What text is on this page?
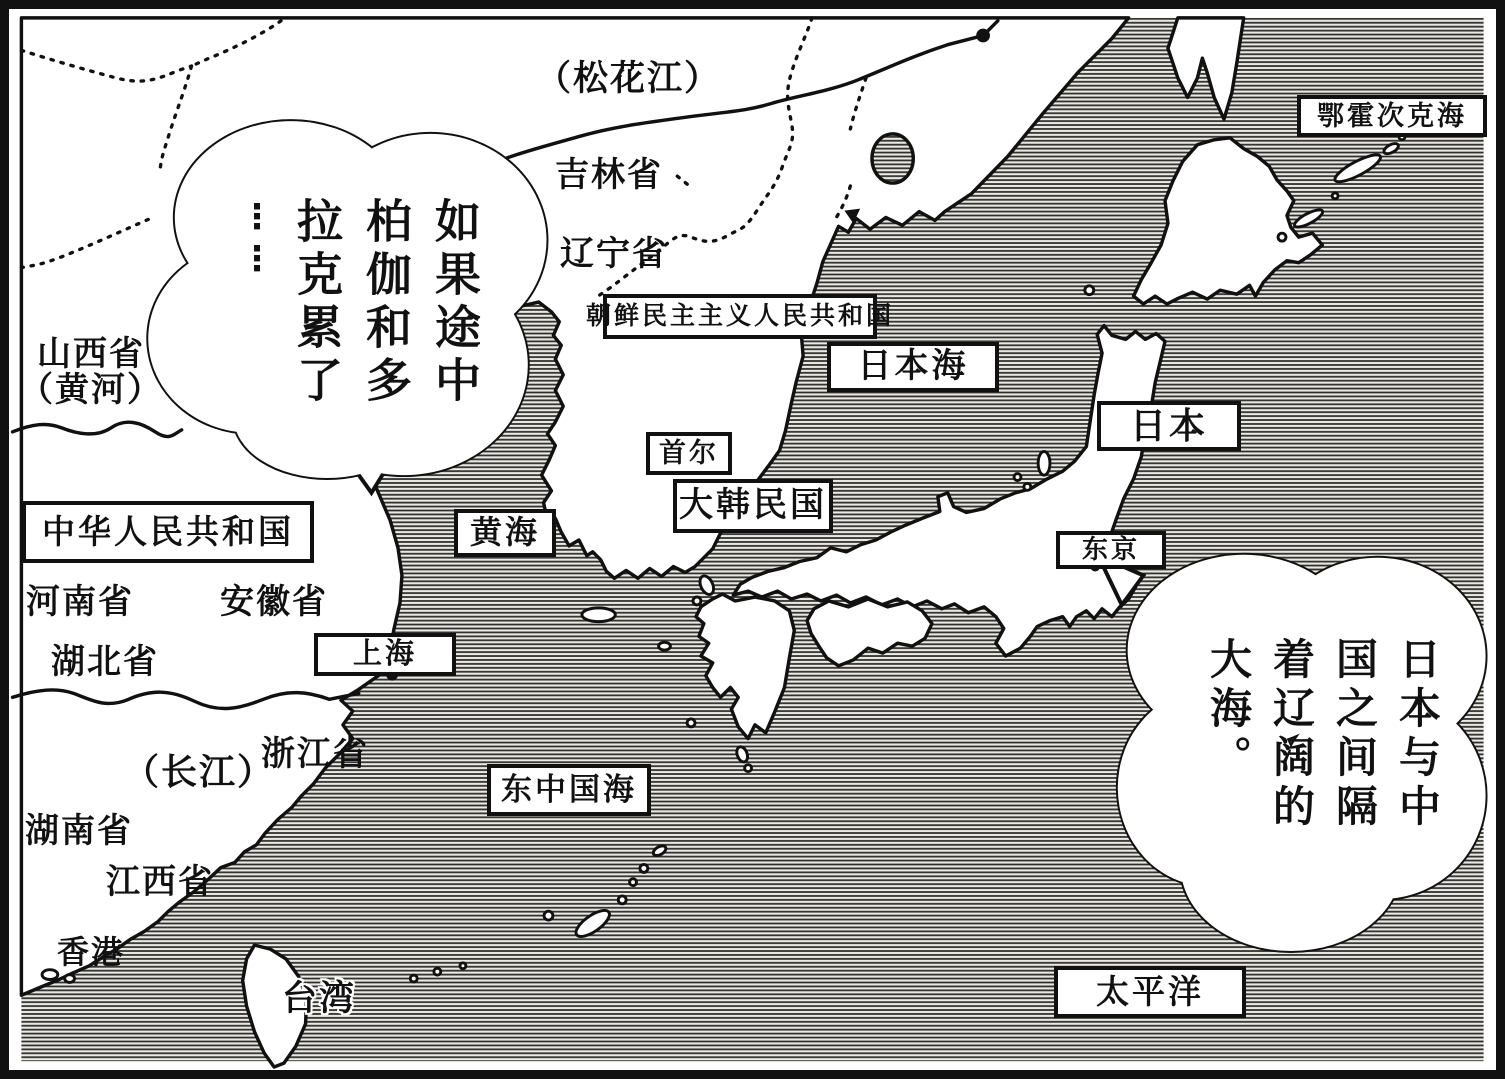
如果途中
柏伽和多
拉克累了
⋮⋮
日本与中
国之间隔
着辽阔的
大海。
鄂霍次克海
朝鲜民主主义人民共和国
日本海
日本
首尔
大韩民国
中华人民共和国	黄海	东京
上海
东中国海
太平洋
（松花江）
吉林省
辽宁省
山西省
（黄河）
河南省	安徽省
湖北省
（长江）
浙江省
湖南省
江西省
香港
台湾
